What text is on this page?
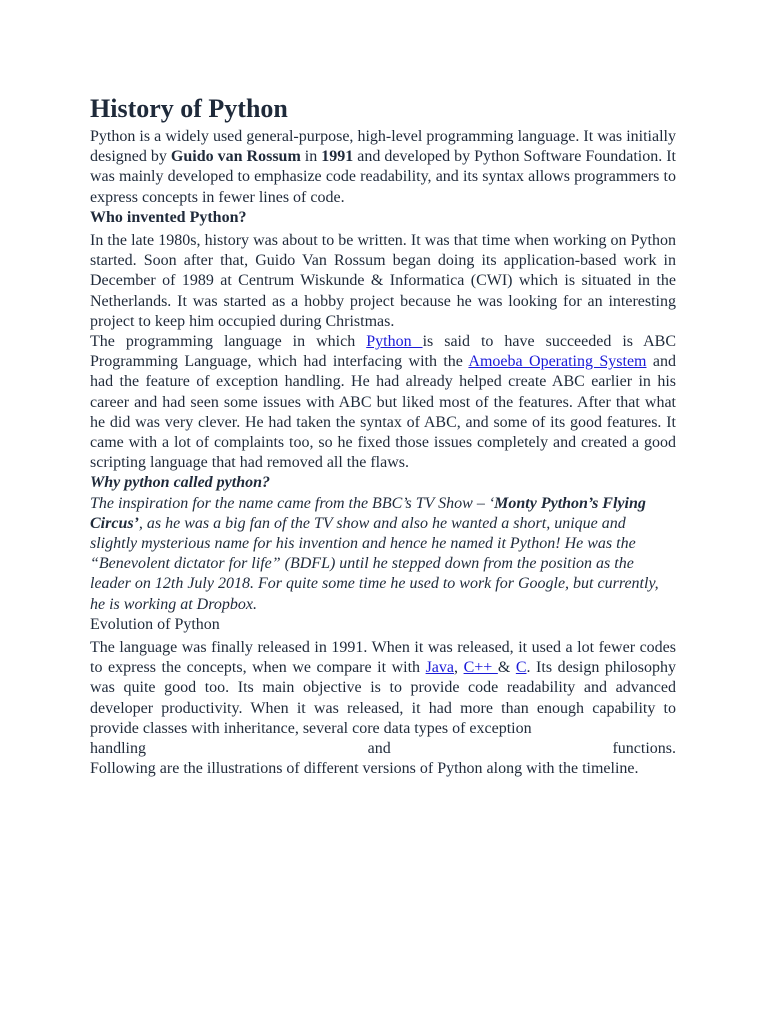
History of Python

Python is a widely used general-purpose, high-level programming language. It was initially designed by Guido van Rossum in 1991 and developed by Python Software Foundation. It was mainly developed to emphasize code readability, and its syntax allows programmers to express concepts in fewer lines of code.

Who invented Python?

In the late 1980s, history was about to be written. It was that time when working on Python started. Soon after that, Guido Van Rossum began doing its application-based work in December of 1989 at Centrum Wiskunde & Informatica (CWI) which is situated in the Netherlands. It was started as a hobby project because he was looking for an interesting project to keep him occupied during Christmas.

The programming language in which Python is said to have succeeded is ABC Programming Language, which had interfacing with the Amoeba Operating System and had the feature of exception handling. He had already helped create ABC earlier in his career and had seen some issues with ABC but liked most of the features. After that what he did was very clever. He had taken the syntax of ABC, and some of its good features. It came with a lot of complaints too, so he fixed those issues completely and created a good scripting language that had removed all the flaws.

Why python called python?

The inspiration for the name came from the BBC’s TV Show – ‘Monty Python’s Flying Circus’, as he was a big fan of the TV show and also he wanted a short, unique and slightly mysterious name for his invention and hence he named it Python! He was the “Benevolent dictator for life” (BDFL) until he stepped down from the position as the leader on 12th July 2018. For quite some time he used to work for Google, but currently, he is working at Dropbox.

Evolution of Python

The language was finally released in 1991. When it was released, it used a lot fewer codes to express the concepts, when we compare it with Java, C++ & C. Its design philosophy was quite good too. Its main objective is to provide code readability and advanced developer productivity. When it was released, it had more than enough capability to provide classes with inheritance, several core data types of exception

handling and functions.

Following are the illustrations of different versions of Python along with the timeline.
